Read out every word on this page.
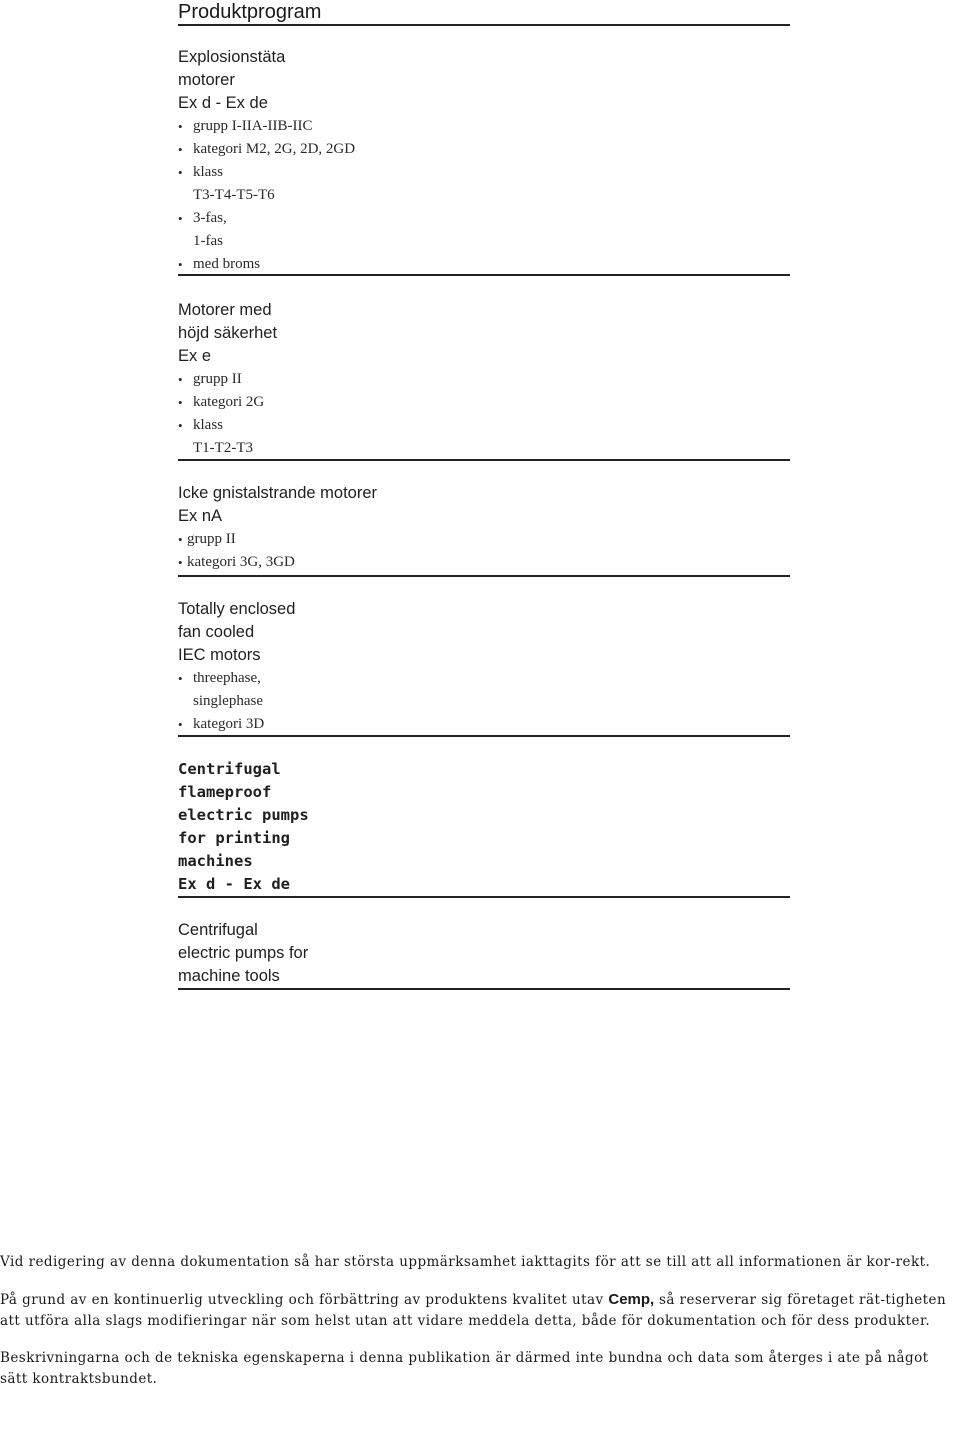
Produktprogram
Explosionstäta
motorer
Ex d - Ex de
• grupp I-IIA-IIB-IIC
• kategori M2, 2G, 2D, 2GD
• klass
T3-T4-T5-T6
• 3-fas,
1-fas
• med broms
Motorer med
höjd säkerhet
Ex e
• grupp II
• kategori 2G
• klass
T1-T2-T3
Icke gnistalstrande motorer
Ex nA
• grupp II
• kategori 3G, 3GD
Totally enclosed
fan cooled
IEC motors
• threephase,
singlephase
• kategori 3D
Centrifugal
flameproof
electric pumps
for printing
machines
Ex d - Ex de
Centrifugal
electric pumps for
machine tools

Vid redigering av denna dokumentation så har största uppmärksamhet iakttagits för att se till att all informationen är kor-rekt.

På grund av en kontinuerlig utveckling och förbättring av produktens kvalitet utav Cemp, så reserverar sig företaget rät-tigheten att utföra alla slags modifieringar när som helst utan att vidare meddela detta, både för dokumentation och för dess produkter.

Beskrivningarna och de tekniska egenskaperna i denna publikation är därmed inte bundna och data som återges i ate på något sätt kontraktsbundet.
